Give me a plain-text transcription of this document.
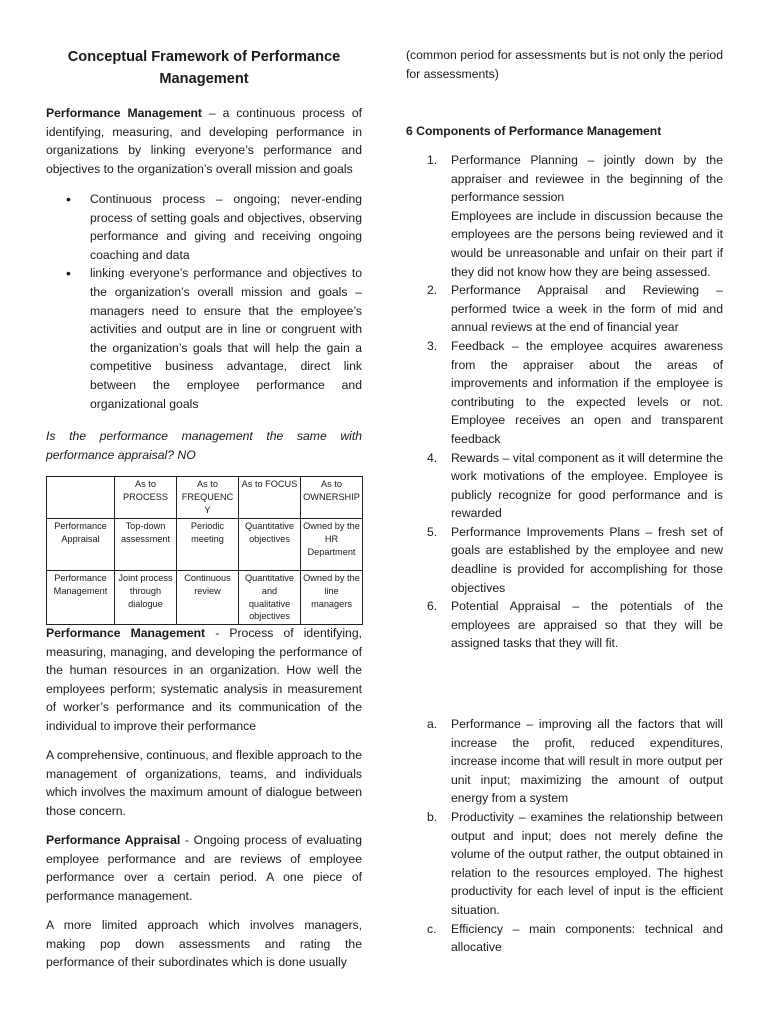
Conceptual Framework of Performance Management

Performance Management – a continuous process of identifying, measuring, and developing performance in organizations by linking everyone’s performance and objectives to the organization’s overall mission and goals

• Continuous process – ongoing; never-ending process of setting goals and objectives, observing performance and giving and receiving ongoing coaching and data
• linking everyone’s performance and objectives to the organization’s overall mission and goals – managers need to ensure that the employee’s activities and output are in line or congruent with the organization’s goals that will help the gain a competitive business advantage, direct link between the employee performance and organizational goals

Is the performance management the same with performance appraisal? NO

	As to PROCESS	As to FREQUENCY	As to FOCUS	As to OWNERSHIP
Performance Appraisal	Top-down assessment	Periodic meeting	Quantitative objectives	Owned by the HR Department
Performance Management	Joint process through dialogue	Continuous review	Quantitative and qualitative objectives	Owned by the line managers

Performance Management - Process of identifying, measuring, managing, and developing the performance of the human resources in an organization. How well the employees perform; systematic analysis in measurement of worker’s performance and its communication of the individual to improve their performance

A comprehensive, continuous, and flexible approach to the management of organizations, teams, and individuals which involves the maximum amount of dialogue between those concern.

Performance Appraisal - Ongoing process of evaluating employee performance and are reviews of employee performance over a certain period. A one piece of performance management.

A more limited approach which involves managers, making pop down assessments and rating the performance of their subordinates which is done usually

(common period for assessments but is not only the period for assessments)

6 Components of Performance Management

1. Performance Planning – jointly down by the appraiser and reviewee in the beginning of the performance session
Employees are include in discussion because the employees are the persons being reviewed and it would be unreasonable and unfair on their part if they did not know how they are being assessed.
2. Performance Appraisal and Reviewing – performed twice a week in the form of mid and annual reviews at the end of financial year
3. Feedback – the employee acquires awareness from the appraiser about the areas of improvements and information if the employee is contributing to the expected levels or not. Employee receives an open and transparent feedback
4. Rewards – vital component as it will determine the work motivations of the employee. Employee is publicly recognize for good performance and is rewarded
5. Performance Improvements Plans – fresh set of goals are established by the employee and new deadline is provided for accomplishing for those objectives
6. Potential Appraisal – the potentials of the employees are appraised so that they will be assigned tasks that they will fit.
a. Performance – improving all the factors that will increase the profit, reduced expenditures, increase income that will result in more output per unit input; maximizing the amount of output energy from a system
b. Productivity – examines the relationship between output and input; does not merely define the volume of the output rather, the output obtained in relation to the resources employed. The highest productivity for each level of input is the efficient situation.
c. Efficiency – main components: technical and allocative
